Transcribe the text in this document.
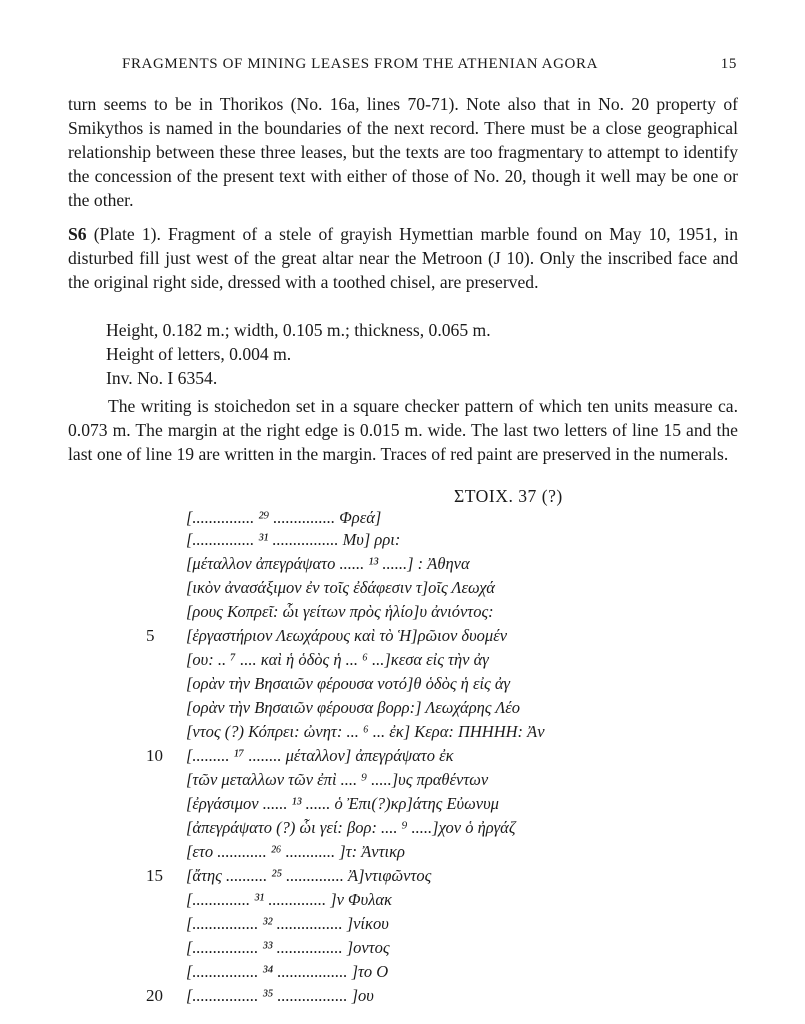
FRAGMENTS OF MINING LEASES FROM THE ATHENIAN AGORA	15

turn seems to be in Thorikos (No. 16a, lines 70-71). Note also that in No. 20 property of Smikythos is named in the boundaries of the next record. There must be a close geographical relationship between these three leases, but the texts are too fragmentary to attempt to identify the concession of the present text with either of those of No. 20, though it well may be one or the other.

S6 (Plate 1). Fragment of a stele of grayish Hymettian marble found on May 10, 1951, in disturbed fill just west of the great altar near the Metroon (J 10). Only the inscribed face and the original right side, dressed with a toothed chisel, are preserved.

Height, 0.182 m.; width, 0.105 m.; thickness, 0.065 m.
Height of letters, 0.004 m.
Inv. No. I 6354.

The writing is stoichedon set in a square checker pattern of which ten units measure ca. 0.073 m. The margin at the right edge is 0.015 m. wide. The last two letters of line 15 and the last one of line 19 are written in the margin. Traces of red paint are preserved in the numerals.

ΣΤΟΙΧ. 37 (?)
[............... ²⁹ ............... Φρεά]
[............... ³¹ ................ Μυ] ρρι:
[μέταλλον ἀπεγράψατο ...... ¹³ ......] : Ἀθηνα
[ικὸν ἀνασάξιμον ἐν τοῖς ἐδάφεσιν τ]οῖς Λεωχά
[ρους Κοπρεῖ: ὧι γείτων πρὸς ἡλίο]υ ἀνιόντος:
[ἐργαστήριον Λεωχάρους καὶ τὸ Ἡ]ρῶιον δυομέν
5
[ου: .. ⁷ .... καὶ ἡ ὁδὸς ἡ ... ⁶ ...]κεσα εἰς τὴν ἀγ
[ορὰν τὴν Βησαιῶν φέρουσα νοτό]θ ὁδὸς ἡ εἰς ἀγ
[ορὰν τὴν Βησαιῶν φέρουσα βορρ:] Λεωχάρης Λέο
[ντος (?) Κόπρει: ὠνητ: ... ⁶ ... ἐκ] Κερα: ΠΗΗΗΗ: Ἀν
[......... ¹⁷ ........ μέταλλον] ἀπεγράψατο ἐκ
10
[τῶν μεταλλων τῶν ἐπὶ .... ⁹ .....]υς πραθέντων
[ἐργάσιμον ...... ¹³ ...... ὁ Ἐπι(?)κρ]άτης Εὐωνυμ
[ἀπεγράψατο (?) ὧι γεί: βορ: .... ⁹ .....]χον ὁ ἠργάζ
[ετο ............ ²⁶ ............ ]τ: Ἀντικρ
[ἄτης .......... ²⁵ .............. Ἀ]ντιφῶντος
15
[.............. ³¹ .............. ]ν Φυλακ
[................ ³² ................ ]νίκου
[................ ³³ ................ ]οντος
[................ ³⁴ ................. ]το O
[................ ³⁵ ................. ]ου
20
